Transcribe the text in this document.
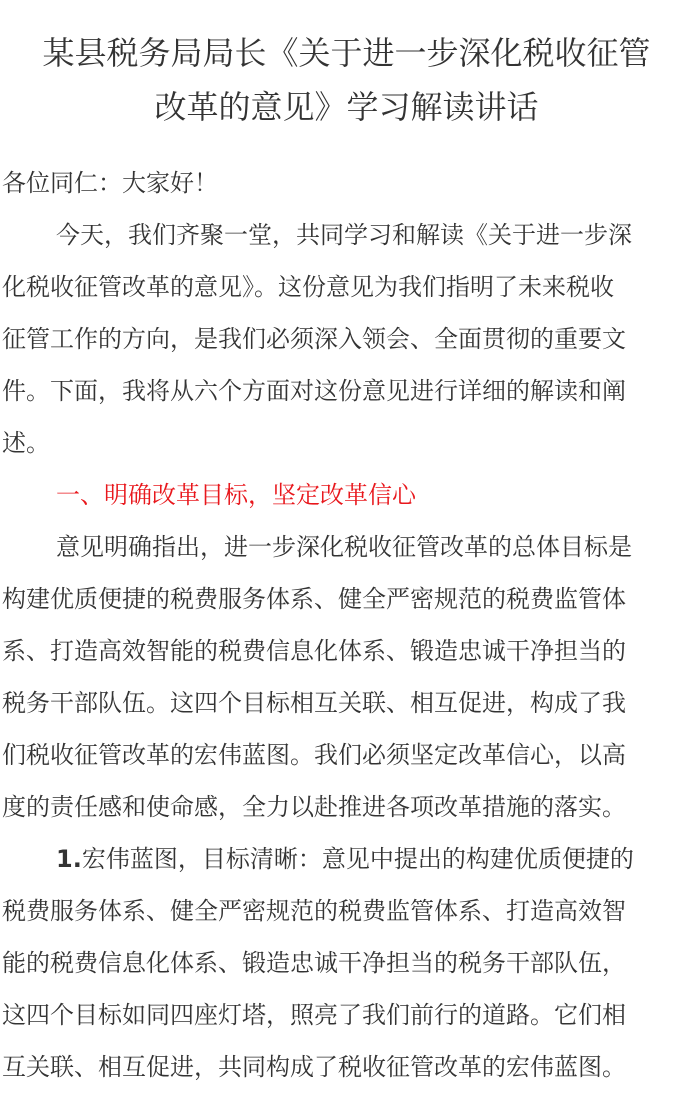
某县税务局局长《关于进一步深化税收征管
改革的意见》学习解读讲话

各位同仁：大家好！

今天，我们齐聚一堂，共同学习和解读《关于进一步深

化税收征管改革的意见》。这份意见为我们指明了未来税收

征管工作的方向，是我们必须深入领会、全面贯彻的重要文

件。下面，我将从六个方面对这份意见进行详细的解读和阐

述。

一、明确改革目标，坚定改革信心

意见明确指出，进一步深化税收征管改革的总体目标是

构建优质便捷的税费服务体系、健全严密规范的税费监管体

系、打造高效智能的税费信息化体系、锻造忠诚干净担当的

税务干部队伍。这四个目标相互关联、相互促进，构成了我

们税收征管改革的宏伟蓝图。我们必须坚定改革信心，以高

度的责任感和使命感，全力以赴推进各项改革措施的落实。

1.宏伟蓝图，目标清晰：意见中提出的构建优质便捷的

税费服务体系、健全严密规范的税费监管体系、打造高效智

能的税费信息化体系、锻造忠诚干净担当的税务干部队伍，

这四个目标如同四座灯塔，照亮了我们前行的道路。它们相

互关联、相互促进，共同构成了税收征管改革的宏伟蓝图。
